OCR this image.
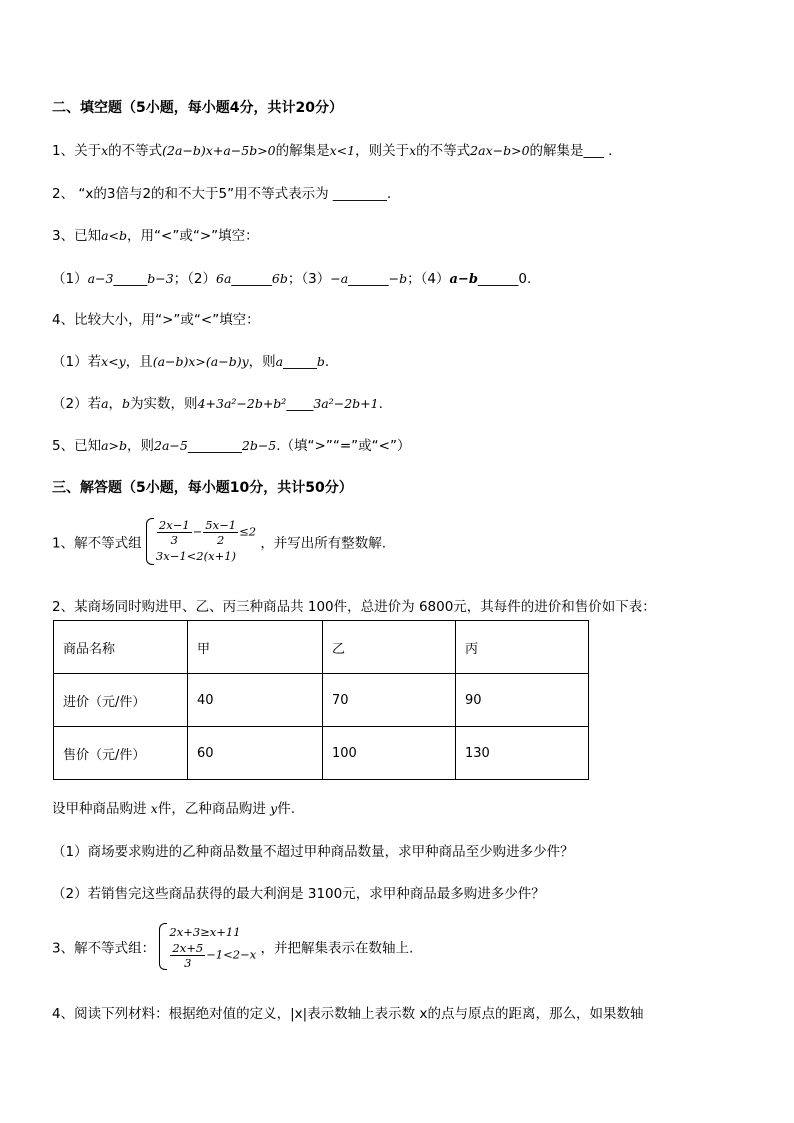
二、填空题（5小题，每小题4分，共计20分）
1、关于x的不等式(2a−b)x+a−5b>0的解集是x<1，则关于x的不等式2ax−b>0的解集是___ .
2、 “x的3倍与2的和不大于5”用不等式表示为 ________.
3、已知a<b，用“<”或“>”填空：
（1）a−3_____b−3；（2）6a______6b；（3）−a______−b；（4）a−b______0.
4、比较大小，用“>”或“<”填空：
（1）若x<y，且(a−b)x>(a−b)y，则a_____b.
（2）若a，b为实数，则4+3a²−2b+b²____3a²−2b+1.
5、已知a>b，则2a−5________2b−5.（填“>”“=”或“<”）
三、解答题（5小题，每小题10分，共计50分）
1、解不等式组 $\frac{2x-1}{3} - \frac{5x-1}{2} \le 2$
3x−1<2(x+1)
，并写出所有整数解.
2、某商场同时购进甲、乙、丙三种商品共 100件，总进价为 6800元，其每件的进价和售价如下表：
商品名称	甲	乙	丙
进价（元/件）	40	70	90
售价（元/件）	60	100	130
设甲种商品购进 x件，乙种商品购进 y件.
（1）商场要求购进的乙种商品数量不超过甲种商品数量，求甲种商品至少购进多少件？
（2）若销售完这些商品获得的最大利润是 3100元，求甲种商品最多购进多少件？
3、解不等式组：
2x+3≥x+11
$\frac{2x+5}{3} -1<2-x$ ，并把解集表示在数轴上.
4、阅读下列材料：根据绝对值的定义，|x|表示数轴上表示数 x的点与原点的距离，那么，如果数轴
